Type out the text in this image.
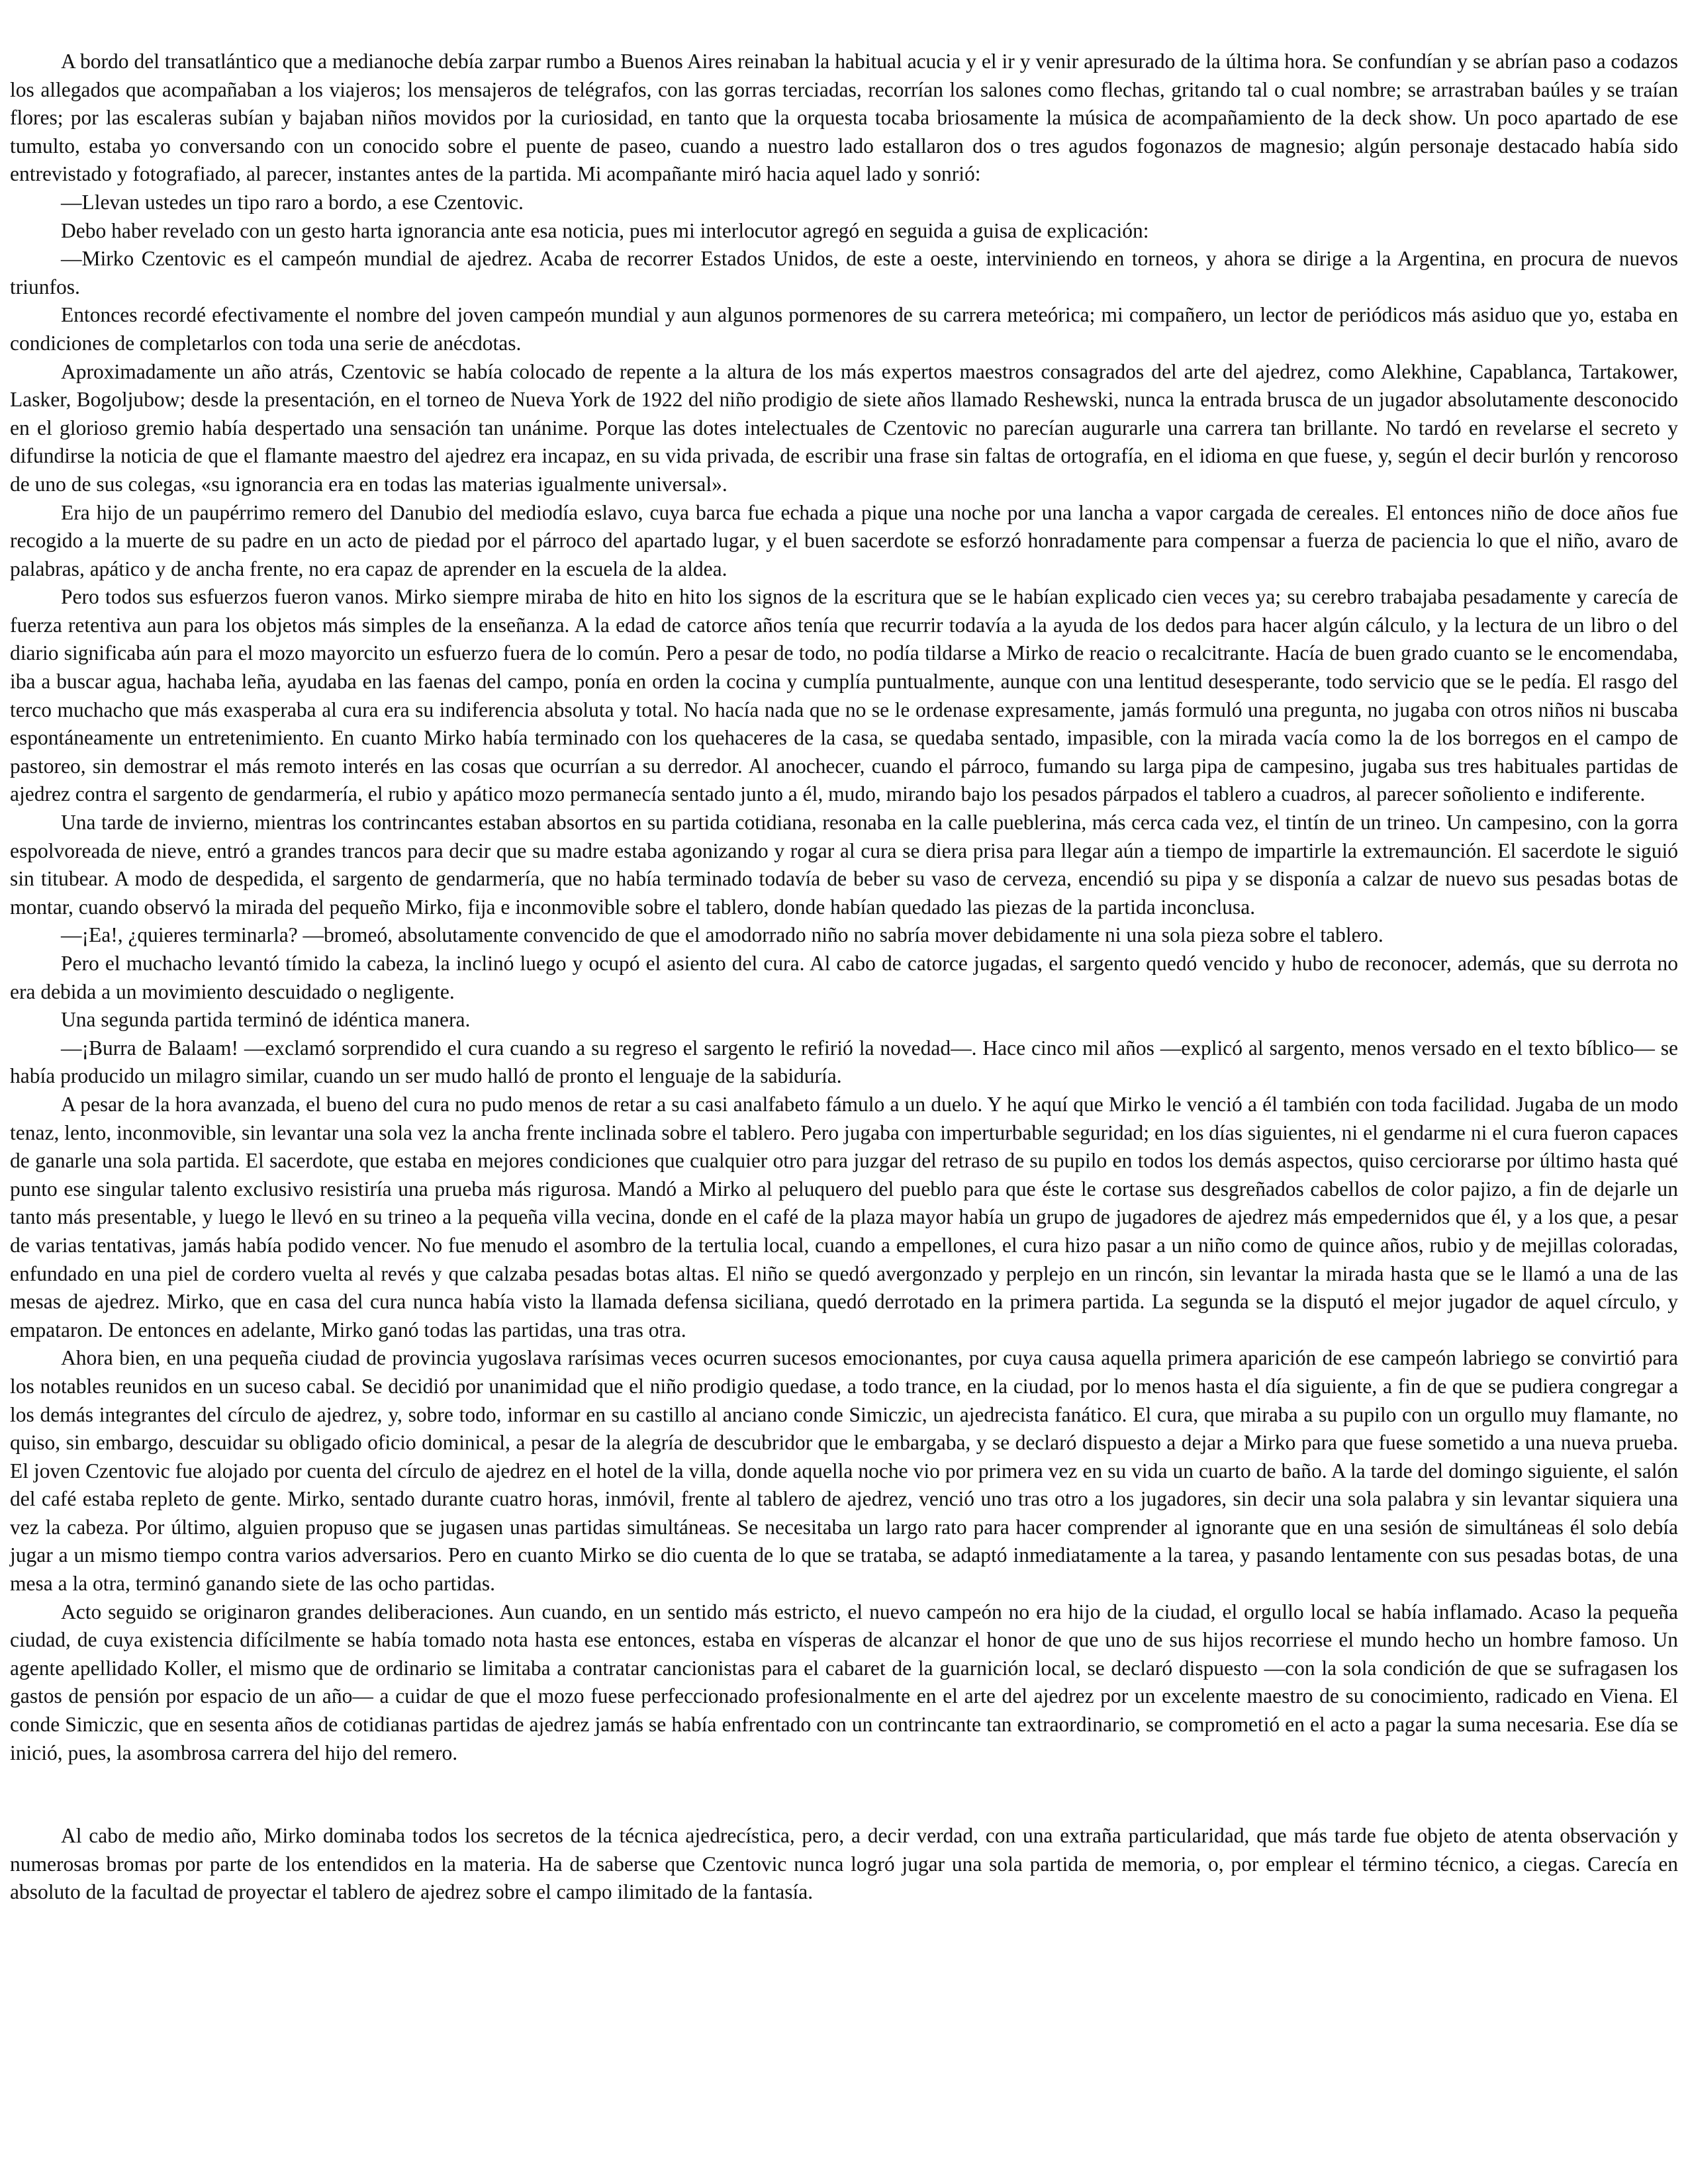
A bordo del transatlántico que a medianoche debía zarpar rumbo a Buenos Aires reinaban la habitual acucia y el ir y venir apresurado de la última hora. Se confundían y se abrían paso a codazos los allegados que acompañaban a los viajeros; los mensajeros de telégrafos, con las gorras terciadas, recorrían los salones como flechas, gritando tal o cual nombre; se arrastraban baúles y se traían flores; por las escaleras subían y bajaban niños movidos por la curiosidad, en tanto que la orquesta tocaba briosamente la música de acompañamiento de la deck show. Un poco apartado de ese tumulto, estaba yo conversando con un conocido sobre el puente de paseo, cuando a nuestro lado estallaron dos o tres agudos fogonazos de magnesio; algún personaje destacado había sido entrevistado y fotografiado, al parecer, instantes antes de la partida. Mi acompañante miró hacia aquel lado y sonrió:

—Llevan ustedes un tipo raro a bordo, a ese Czentovic.

Debo haber revelado con un gesto harta ignorancia ante esa noticia, pues mi interlocutor agregó en seguida a guisa de explicación:

—Mirko Czentovic es el campeón mundial de ajedrez. Acaba de recorrer Estados Unidos, de este a oeste, interviniendo en torneos, y ahora se dirige a la Argentina, en procura de nuevos triunfos.

Entonces recordé efectivamente el nombre del joven campeón mundial y aun algunos pormenores de su carrera meteórica; mi compañero, un lector de periódicos más asiduo que yo, estaba en condiciones de completarlos con toda una serie de anécdotas.

Aproximadamente un año atrás, Czentovic se había colocado de repente a la altura de los más expertos maestros consagrados del arte del ajedrez, como Alekhine, Capablanca, Tartakower, Lasker, Bogoljubow; desde la presentación, en el torneo de Nueva York de 1922 del niño prodigio de siete años llamado Reshewski, nunca la entrada brusca de un jugador absolutamente desconocido en el glorioso gremio había despertado una sensación tan unánime. Porque las dotes intelectuales de Czentovic no parecían augurarle una carrera tan brillante. No tardó en revelarse el secreto y difundirse la noticia de que el flamante maestro del ajedrez era incapaz, en su vida privada, de escribir una frase sin faltas de ortografía, en el idioma en que fuese, y, según el decir burlón y rencoroso de uno de sus colegas, «su ignorancia era en todas las materias igualmente universal».

Era hijo de un paupérrimo remero del Danubio del mediodía eslavo, cuya barca fue echada a pique una noche por una lancha a vapor cargada de cereales. El entonces niño de doce años fue recogido a la muerte de su padre en un acto de piedad por el párroco del apartado lugar, y el buen sacerdote se esforzó honradamente para compensar a fuerza de paciencia lo que el niño, avaro de palabras, apático y de ancha frente, no era capaz de aprender en la escuela de la aldea.

Pero todos sus esfuerzos fueron vanos. Mirko siempre miraba de hito en hito los signos de la escritura que se le habían explicado cien veces ya; su cerebro trabajaba pesadamente y carecía de fuerza retentiva aun para los objetos más simples de la enseñanza. A la edad de catorce años tenía que recurrir todavía a la ayuda de los dedos para hacer algún cálculo, y la lectura de un libro o del diario significaba aún para el mozo mayorcito un esfuerzo fuera de lo común. Pero a pesar de todo, no podía tildarse a Mirko de reacio o recalcitrante. Hacía de buen grado cuanto se le encomendaba, iba a buscar agua, hachaba leña, ayudaba en las faenas del campo, ponía en orden la cocina y cumplía puntualmente, aunque con una lentitud desesperante, todo servicio que se le pedía. El rasgo del terco muchacho que más exasperaba al cura era su indiferencia absoluta y total. No hacía nada que no se le ordenase expresamente, jamás formuló una pregunta, no jugaba con otros niños ni buscaba espontáneamente un entretenimiento. En cuanto Mirko había terminado con los quehaceres de la casa, se quedaba sentado, impasible, con la mirada vacía como la de los borregos en el campo de pastoreo, sin demostrar el más remoto interés en las cosas que ocurrían a su derredor. Al anochecer, cuando el párroco, fumando su larga pipa de campesino, jugaba sus tres habituales partidas de ajedrez contra el sargento de gendarmería, el rubio y apático mozo permanecía sentado junto a él, mudo, mirando bajo los pesados párpados el tablero a cuadros, al parecer soñoliento e indiferente.

Una tarde de invierno, mientras los contrincantes estaban absortos en su partida cotidiana, resonaba en la calle pueblerina, más cerca cada vez, el tintín de un trineo. Un campesino, con la gorra espolvoreada de nieve, entró a grandes trancos para decir que su madre estaba agonizando y rogar al cura se diera prisa para llegar aún a tiempo de impartirle la extremaunción. El sacerdote le siguió sin titubear. A modo de despedida, el sargento de gendarmería, que no había terminado todavía de beber su vaso de cerveza, encendió su pipa y se disponía a calzar de nuevo sus pesadas botas de montar, cuando observó la mirada del pequeño Mirko, fija e inconmovible sobre el tablero, donde habían quedado las piezas de la partida inconclusa.

—¡Ea!, ¿quieres terminarla? —bromeó, absolutamente convencido de que el amodorrado niño no sabría mover debidamente ni una sola pieza sobre el tablero.

Pero el muchacho levantó tímido la cabeza, la inclinó luego y ocupó el asiento del cura. Al cabo de catorce jugadas, el sargento quedó vencido y hubo de reconocer, además, que su derrota no era debida a un movimiento descuidado o negligente.

Una segunda partida terminó de idéntica manera.

—¡Burra de Balaam! —exclamó sorprendido el cura cuando a su regreso el sargento le refirió la novedad—. Hace cinco mil años —explicó al sargento, menos versado en el texto bíblico— se había producido un milagro similar, cuando un ser mudo halló de pronto el lenguaje de la sabiduría.

A pesar de la hora avanzada, el bueno del cura no pudo menos de retar a su casi analfabeto fámulo a un duelo. Y he aquí que Mirko le venció a él también con toda facilidad. Jugaba de un modo tenaz, lento, inconmovible, sin levantar una sola vez la ancha frente inclinada sobre el tablero. Pero jugaba con imperturbable seguridad; en los días siguientes, ni el gendarme ni el cura fueron capaces de ganarle una sola partida. El sacerdote, que estaba en mejores condiciones que cualquier otro para juzgar del retraso de su pupilo en todos los demás aspectos, quiso cerciorarse por último hasta qué punto ese singular talento exclusivo resistiría una prueba más rigurosa. Mandó a Mirko al peluquero del pueblo para que éste le cortase sus desgreñados cabellos de color pajizo, a fin de dejarle un tanto más presentable, y luego le llevó en su trineo a la pequeña villa vecina, donde en el café de la plaza mayor había un grupo de jugadores de ajedrez más empedernidos que él, y a los que, a pesar de varias tentativas, jamás había podido vencer. No fue menudo el asombro de la tertulia local, cuando a empellones, el cura hizo pasar a un niño como de quince años, rubio y de mejillas coloradas, enfundado en una piel de cordero vuelta al revés y que calzaba pesadas botas altas. El niño se quedó avergonzado y perplejo en un rincón, sin levantar la mirada hasta que se le llamó a una de las mesas de ajedrez. Mirko, que en casa del cura nunca había visto la llamada defensa siciliana, quedó derrotado en la primera partida. La segunda se la disputó el mejor jugador de aquel círculo, y empataron. De entonces en adelante, Mirko ganó todas las partidas, una tras otra.

Ahora bien, en una pequeña ciudad de provincia yugoslava rarísimas veces ocurren sucesos emocionantes, por cuya causa aquella primera aparición de ese campeón labriego se convirtió para los notables reunidos en un suceso cabal. Se decidió por unanimidad que el niño prodigio quedase, a todo trance, en la ciudad, por lo menos hasta el día siguiente, a fin de que se pudiera congregar a los demás integrantes del círculo de ajedrez, y, sobre todo, informar en su castillo al anciano conde Simiczic, un ajedrecista fanático. El cura, que miraba a su pupilo con un orgullo muy flamante, no quiso, sin embargo, descuidar su obligado oficio dominical, a pesar de la alegría de descubridor que le embargaba, y se declaró dispuesto a dejar a Mirko para que fuese sometido a una nueva prueba. El joven Czentovic fue alojado por cuenta del círculo de ajedrez en el hotel de la villa, donde aquella noche vio por primera vez en su vida un cuarto de baño. A la tarde del domingo siguiente, el salón del café estaba repleto de gente. Mirko, sentado durante cuatro horas, inmóvil, frente al tablero de ajedrez, venció uno tras otro a los jugadores, sin decir una sola palabra y sin levantar siquiera una vez la cabeza. Por último, alguien propuso que se jugasen unas partidas simultáneas. Se necesitaba un largo rato para hacer comprender al ignorante que en una sesión de simultáneas él solo debía jugar a un mismo tiempo contra varios adversarios. Pero en cuanto Mirko se dio cuenta de lo que se trataba, se adaptó inmediatamente a la tarea, y pasando lentamente con sus pesadas botas, de una mesa a la otra, terminó ganando siete de las ocho partidas.

Acto seguido se originaron grandes deliberaciones. Aun cuando, en un sentido más estricto, el nuevo campeón no era hijo de la ciudad, el orgullo local se había inflamado. Acaso la pequeña ciudad, de cuya existencia difícilmente se había tomado nota hasta ese entonces, estaba en vísperas de alcanzar el honor de que uno de sus hijos recorriese el mundo hecho un hombre famoso. Un agente apellidado Koller, el mismo que de ordinario se limitaba a contratar cancionistas para el cabaret de la guarnición local, se declaró dispuesto —con la sola condición de que se sufragasen los gastos de pensión por espacio de un año— a cuidar de que el mozo fuese perfeccionado profesionalmente en el arte del ajedrez por un excelente maestro de su conocimiento, radicado en Viena. El conde Simiczic, que en sesenta años de cotidianas partidas de ajedrez jamás se había enfrentado con un contrincante tan extraordinario, se comprometió en el acto a pagar la suma necesaria. Ese día se inició, pues, la asombrosa carrera del hijo del remero.

Al cabo de medio año, Mirko dominaba todos los secretos de la técnica ajedrecística, pero, a decir verdad, con una extraña particularidad, que más tarde fue objeto de atenta observación y numerosas bromas por parte de los entendidos en la materia. Ha de saberse que Czentovic nunca logró jugar una sola partida de memoria, o, por emplear el término técnico, a ciegas. Carecía en absoluto de la facultad de proyectar el tablero de ajedrez sobre el campo ilimitado de la fantasía.
